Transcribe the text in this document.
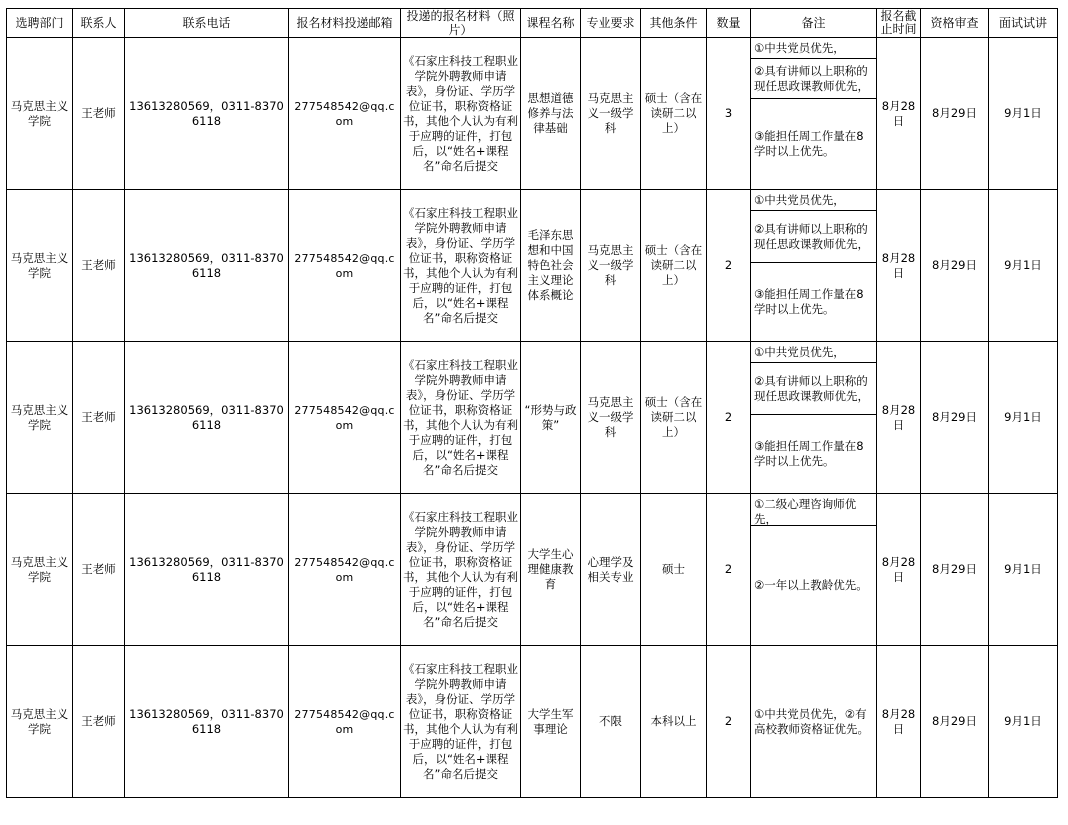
选聘部门	联系人	联系电话	报名材料投递邮箱	投递的报名材料（照片）	课程名称	专业要求	其他条件	数量	备注	报名截止时间	资格审查	面试试讲
马克思主义学院	王老师	13613280569，0311-83706118	277548542@qq.com	《石家庄科技工程职业学院外聘教师申请表》，身份证、学历学位证书，职称资格证书，其他个人认为有利于应聘的证件，打包后，以“姓名+课程名”命名后提交	思想道德修养与法律基础	马克思主义一级学科	硕士（含在读研二以上）	3	①中共党员优先，
②具有讲师以上职称的现任思政课教师优先，
③能担任周工作量在8学时以上优先。	8月28日	8月29日	9月1日
马克思主义学院	王老师	13613280569，0311-83706118	277548542@qq.com	《石家庄科技工程职业学院外聘教师申请表》，身份证、学历学位证书，职称资格证书，其他个人认为有利于应聘的证件，打包后，以“姓名+课程名”命名后提交	毛泽东思想和中国特色社会主义理论体系概论	马克思主义一级学科	硕士（含在读研二以上）	2	①中共党员优先，
②具有讲师以上职称的现任思政课教师优先，
③能担任周工作量在8学时以上优先。	8月28日	8月29日	9月1日
马克思主义学院	王老师	13613280569，0311-83706118	277548542@qq.com	《石家庄科技工程职业学院外聘教师申请表》，身份证、学历学位证书，职称资格证书，其他个人认为有利于应聘的证件，打包后，以“姓名+课程名”命名后提交	“形势与政策”	马克思主义一级学科	硕士（含在读研二以上）	2	①中共党员优先，
②具有讲师以上职称的现任思政课教师优先，
③能担任周工作量在8学时以上优先。	8月28日	8月29日	9月1日
马克思主义学院	王老师	13613280569，0311-83706118	277548542@qq.com	《石家庄科技工程职业学院外聘教师申请表》，身份证、学历学位证书，职称资格证书，其他个人认为有利于应聘的证件，打包后，以“姓名+课程名”命名后提交	大学生心理健康教育	心理学及相关专业	硕士	2	①二级心理咨询师优先，
②一年以上教龄优先。	8月28日	8月29日	9月1日
马克思主义学院	王老师	13613280569，0311-83706118	277548542@qq.com	《石家庄科技工程职业学院外聘教师申请表》，身份证、学历学位证书，职称资格证书，其他个人认为有利于应聘的证件，打包后，以“姓名+课程名”命名后提交	大学生军事理论	不限	本科以上	2	①中共党员优先，②有高校教师资格证优先。	8月28日	8月29日	9月1日
